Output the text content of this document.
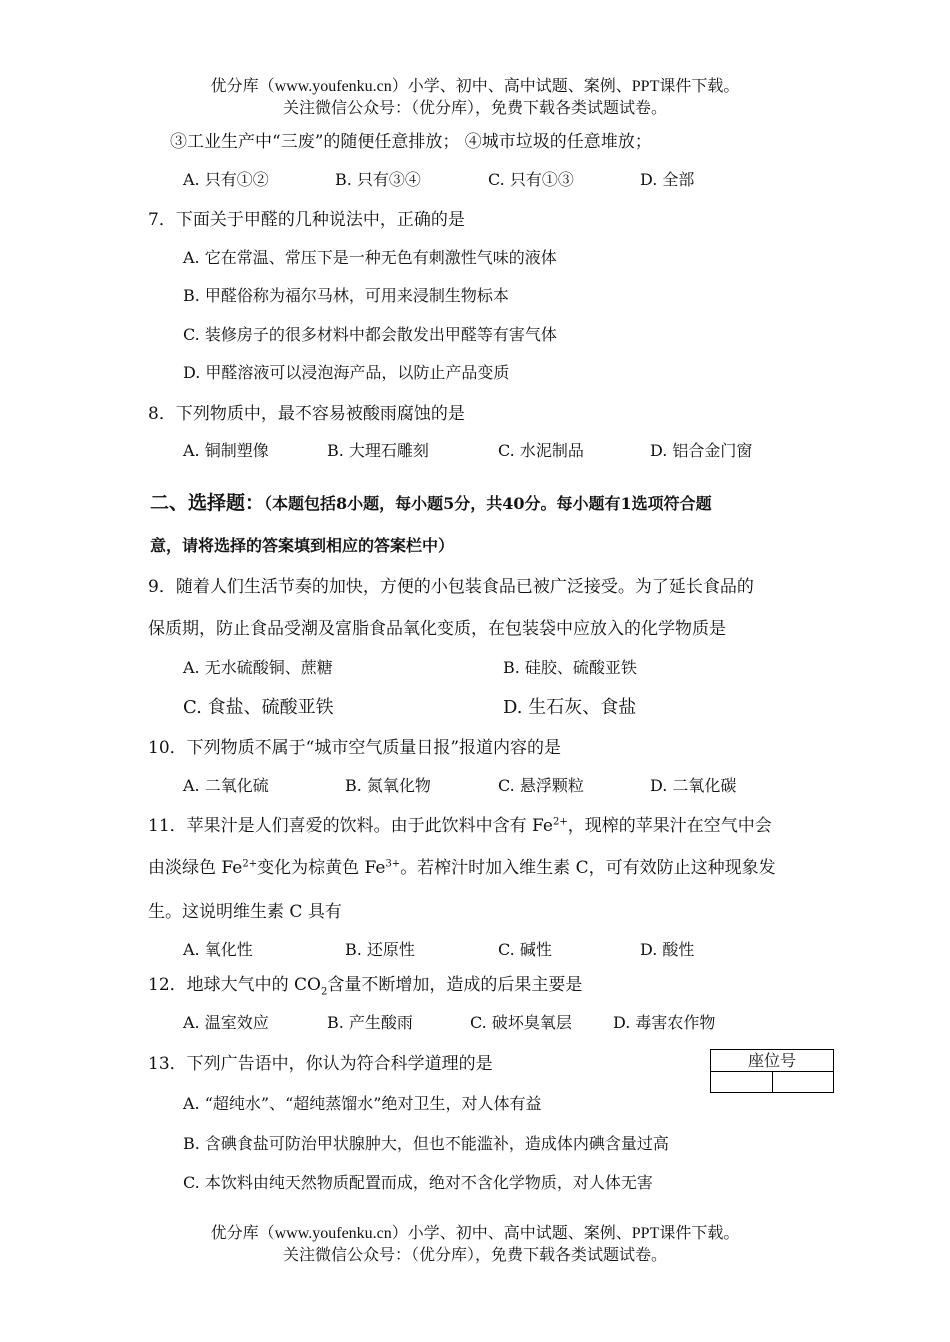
优分库（www.youfenku.cn）小学、初中、高中试题、案例、PPT课件下载。
关注微信公众号：（优分库），免费下载各类试题试卷。
③工业生产中“三废”的随便任意排放； ④城市垃圾的任意堆放；
A. 只有①②	B. 只有③④	C. 只有①③	D. 全部
7．下面关于甲醛的几种说法中，正确的是
A. 它在常温、常压下是一种无色有刺激性气味的液体
B. 甲醛俗称为福尔马林，可用来浸制生物标本
C. 装修房子的很多材料中都会散发出甲醛等有害气体
D. 甲醛溶液可以浸泡海产品，以防止产品变质
8．下列物质中，最不容易被酸雨腐蚀的是
A. 铜制塑像	B. 大理石雕刻	C. 水泥制品	D. 铝合金门窗
二、选择题：（本题包括8小题，每小题5分，共40分。每小题有1选项符合题
意，请将选择的答案填到相应的答案栏中）
9．随着人们生活节奏的加快，方便的小包装食品已被广泛接受。为了延长食品的
保质期，防止食品受潮及富脂食品氧化变质，在包装袋中应放入的化学物质是
A. 无水硫酸铜、蔗糖	B. 硅胶、硫酸亚铁
C. 食盐、硫酸亚铁	D. 生石灰、食盐
10．下列物质不属于“城市空气质量日报”报道内容的是
A. 二氧化硫	B. 氮氧化物	C. 悬浮颗粒	D. 二氧化碳
11．苹果汁是人们喜爱的饮料。由于此饮料中含有 $Fe^{2+}$，现榨的苹果汁在空气中会
由淡绿色 $Fe^{2+}$变化为棕黄色 $Fe^{3+}$。若榨汁时加入维生素 C，可有效防止这种现象发
生。这说明维生素 C 具有
A. 氧化性	B. 还原性	C. 碱性	D. 酸性
12．地球大气中的 $CO_2$含量不断增加，造成的后果主要是
A. 温室效应	B. 产生酸雨	C. 破坏臭氧层	D. 毒害农作物
13．下列广告语中，你认为符合科学道理的是
A. “超纯水”、“超纯蒸馏水”绝对卫生，对人体有益
B. 含碘食盐可防治甲状腺肿大，但也不能滥补，造成体内碘含量过高
C. 本饮料由纯天然物质配置而成，绝对不含化学物质，对人体无害
座位号
优分库（www.youfenku.cn）小学、初中、高中试题、案例、PPT课件下载。
关注微信公众号：（优分库），免费下载各类试题试卷。
